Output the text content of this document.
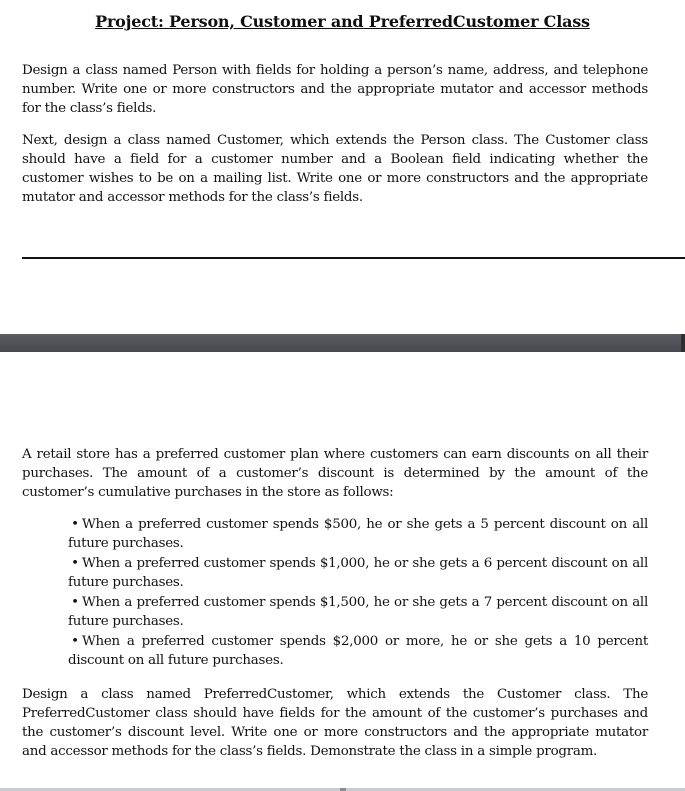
Project: Person, Customer and PreferredCustomer Class

Design a class named Person with fields for holding a person’s name, address, and telephone number. Write one or more constructors and the appropriate mutator and accessor methods for the class’s fields.

Next, design a class named Customer, which extends the Person class. The Customer class should have a field for a customer number and a Boolean field indicating whether the customer wishes to be on a mailing list. Write one or more constructors and the appropriate mutator and accessor methods for the class’s fields.

A retail store has a preferred customer plan where customers can earn discounts on all their purchases. The amount of a customer’s discount is determined by the amount of the customer’s cumulative purchases in the store as follows:

• When a preferred customer spends $500, he or she gets a 5 percent discount on all future purchases.
• When a preferred customer spends $1,000, he or she gets a 6 percent discount on all future purchases.
• When a preferred customer spends $1,500, he or she gets a 7 percent discount on all future purchases.
• When a preferred customer spends $2,000 or more, he or she gets a 10 percent discount on all future purchases.

Design a class named PreferredCustomer, which extends the Customer class. The PreferredCustomer class should have fields for the amount of the customer’s purchases and the customer’s discount level. Write one or more constructors and the appropriate mutator and accessor methods for the class’s fields. Demonstrate the class in a simple program.
